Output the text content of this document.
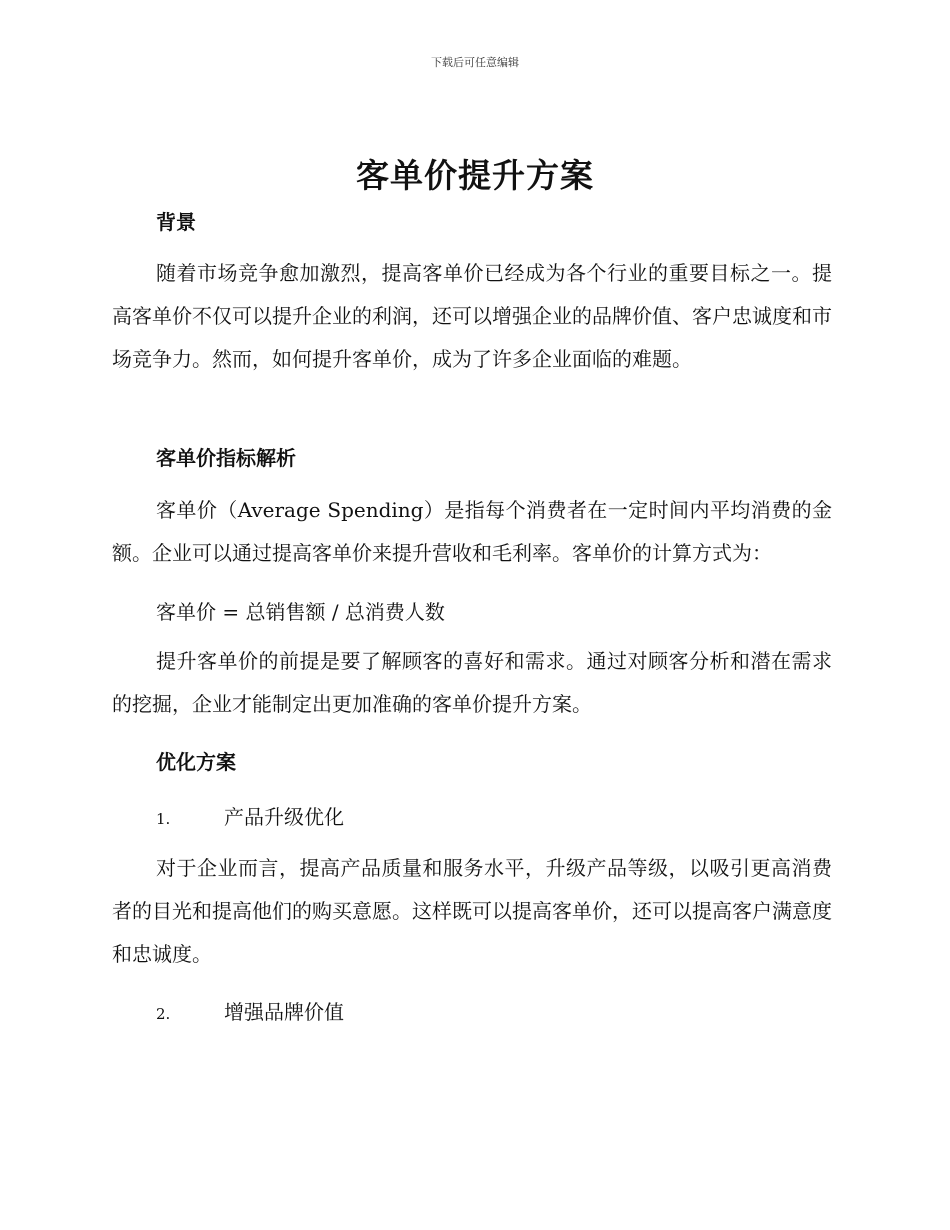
下载后可任意编辑
客单价提升方案
背景
随着市场竞争愈加激烈，提高客单价已经成为各个行业的重要目标之一。提高客单价不仅可以提升企业的利润，还可以增强企业的品牌价值、客户忠诚度和市场竞争力。然而，如何提升客单价，成为了许多企业面临的难题。
客单价指标解析
客单价（Average Spending）是指每个消费者在一定时间内平均消费的金额。企业可以通过提高客单价来提升营收和毛利率。客单价的计算方式为：
客单价 = 总销售额 / 总消费人数
提升客单价的前提是要了解顾客的喜好和需求。通过对顾客分析和潜在需求的挖掘，企业才能制定出更加准确的客单价提升方案。
优化方案
1.	产品升级优化
对于企业而言，提高产品质量和服务水平，升级产品等级，以吸引更高消费者的目光和提高他们的购买意愿。这样既可以提高客单价，还可以提高客户满意度和忠诚度。
2.	增强品牌价值
